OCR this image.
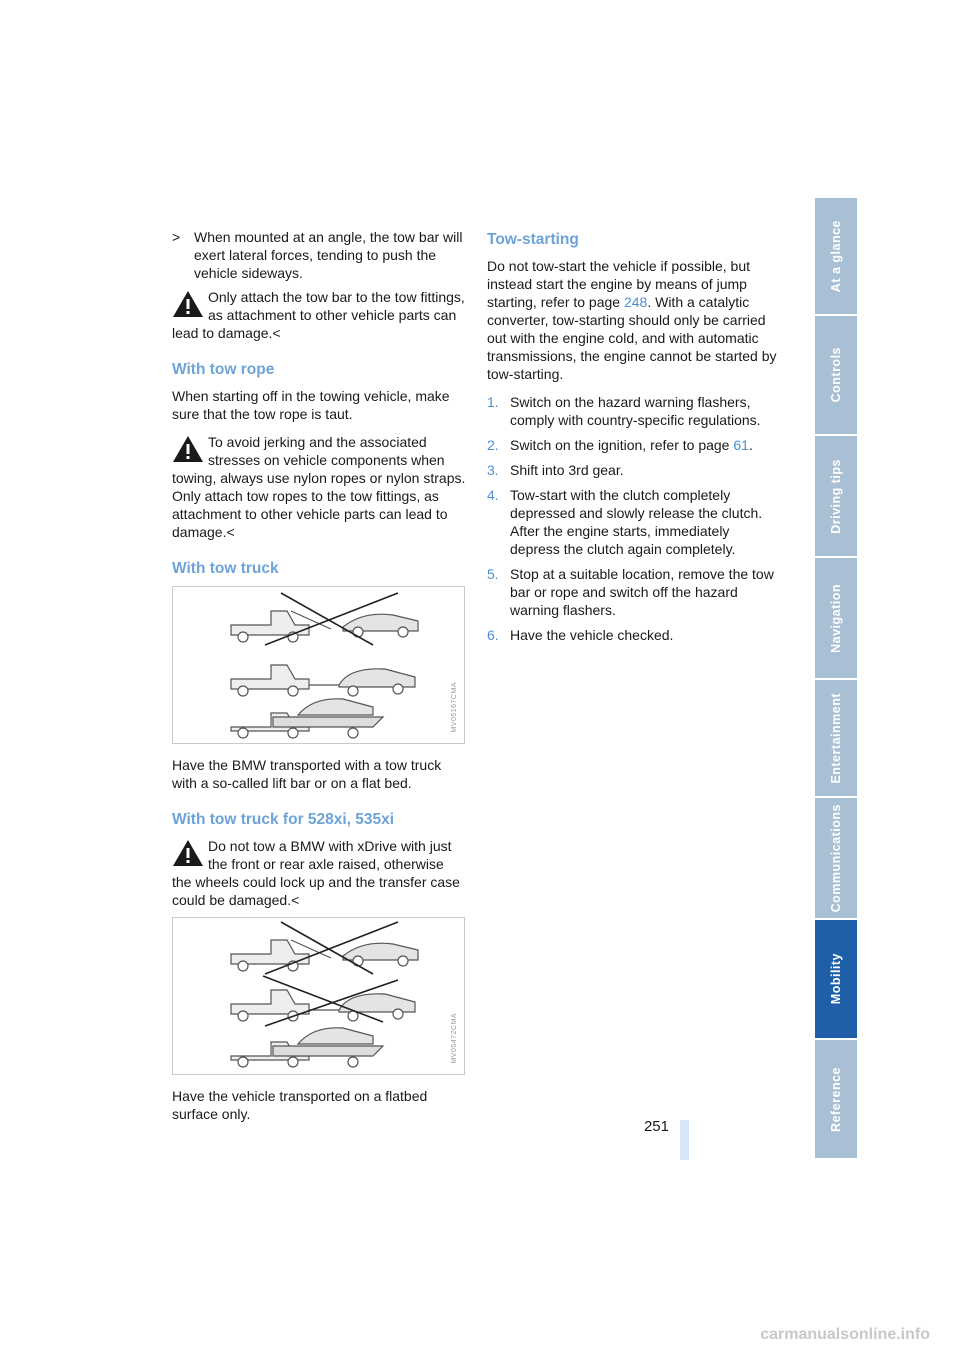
> When mounted at an angle, the tow bar will exert lateral forces, tending to push the vehicle sideways.
Only attach the tow bar to the tow fittings, as attachment to other vehicle parts can lead to damage.<
With tow rope

When starting off in the towing vehicle, make sure that the tow rope is taut.

To avoid jerking and the associated stresses on vehicle components when towing, always use nylon ropes or nylon straps. Only attach tow ropes to the tow fittings, as attachment to other vehicle parts can lead to damage.<
With tow truck
MV05167CMA

Have the BMW transported with a tow truck with a so-called lift bar or on a flat bed.

With tow truck for 528xi, 535xi
Do not tow a BMW with xDrive with just the front or rear axle raised, otherwise the wheels could lock up and the transfer case could be damaged.<
MV05472CMA

Have the vehicle transported on a flatbed surface only.

Tow-starting

Do not tow-start the vehicle if possible, but instead start the engine by means of jump starting, refer to page 248. With a catalytic converter, tow-starting should only be carried out with the engine cold, and with automatic transmissions, the engine cannot be started by tow-starting.

1. Switch on the hazard warning flashers, comply with country-specific regulations.
2. Switch on the ignition, refer to page 61.
3. Shift into 3rd gear.
4. Tow-start with the clutch completely depressed and slowly release the clutch. After the engine starts, immediately depress the clutch again completely.
5. Stop at a suitable location, remove the tow bar or rope and switch off the hazard warning flashers.
6. Have the vehicle checked.
At a glance
Controls
Driving tips
Navigation
Entertainment
Communications
Mobility
Reference
251
carmanualsonline.info
